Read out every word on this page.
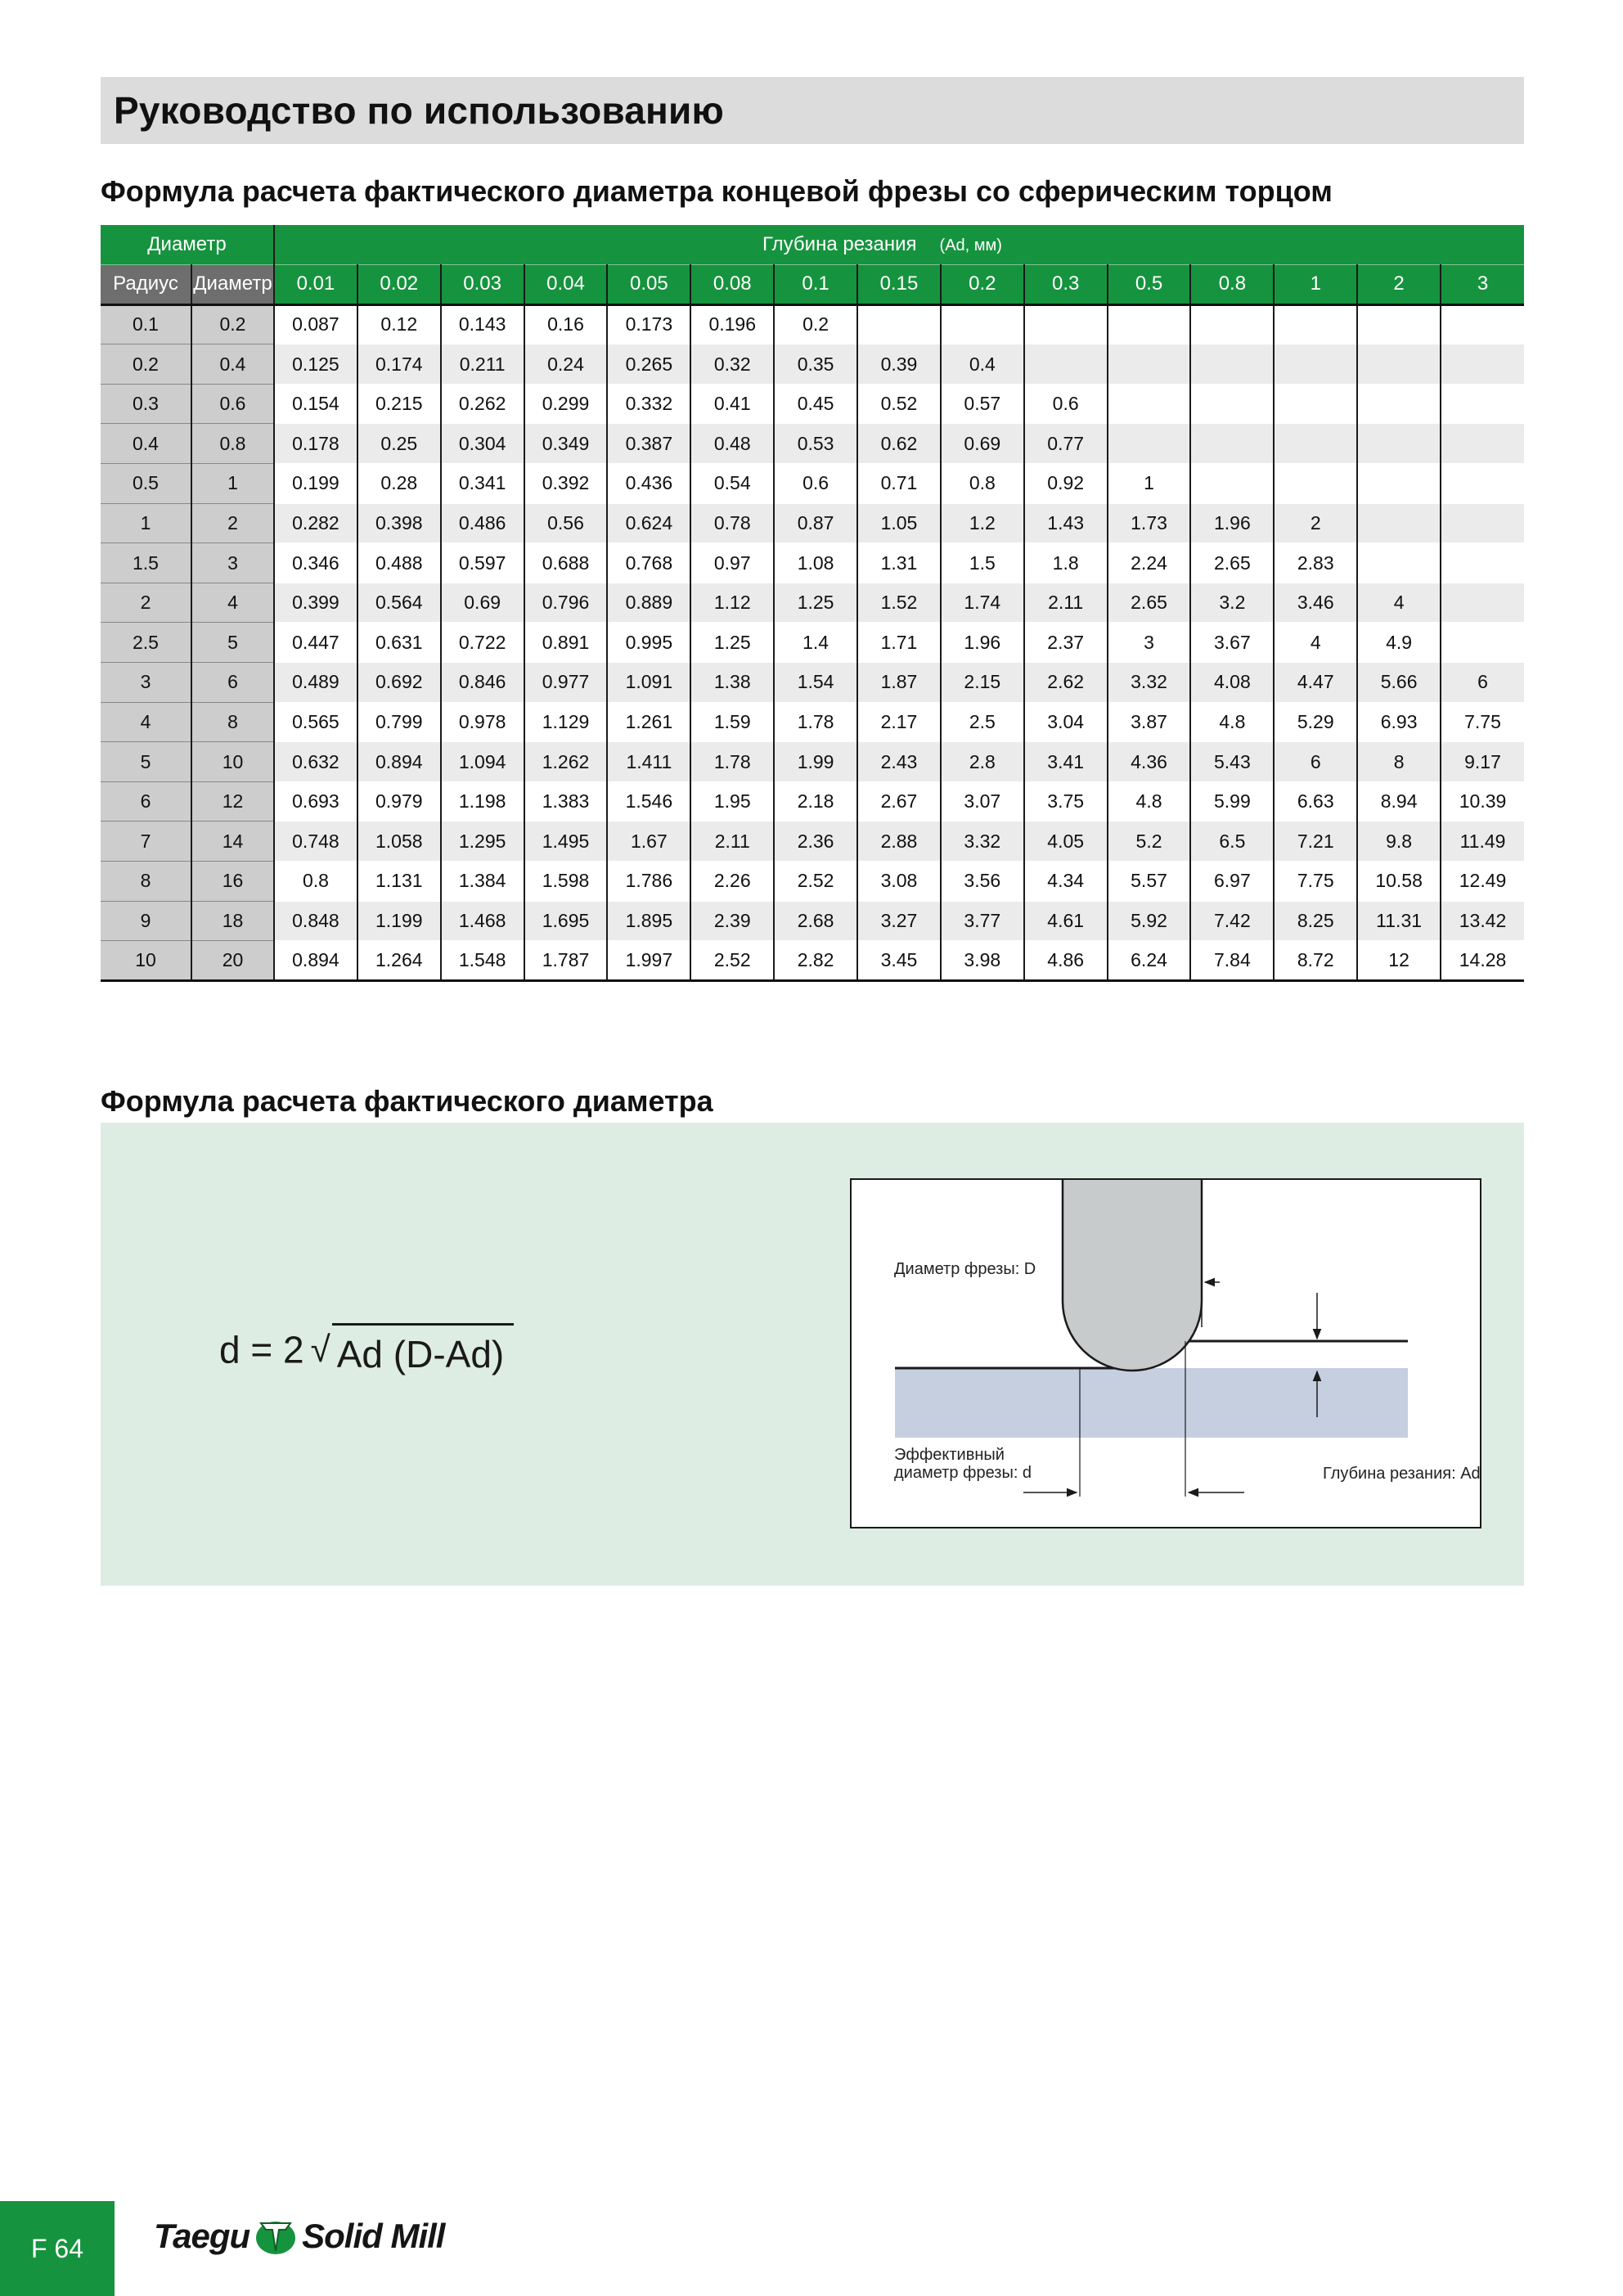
Руководство по использованию
Формула расчета фактического диаметра концевой фрезы со сферическим торцом
Диаметр		Глубина резания (Ad, мм)														
Радиус	Диаметр	0.01	0.02	0.03	0.04	0.05	0.08	0.1	0.15	0.2	0.3	0.5	0.8	1	2	3
0.1	0.2	0.087	0.12	0.143	0.16	0.173	0.196	0.2								
0.2	0.4	0.125	0.174	0.211	0.24	0.265	0.32	0.35	0.39	0.4						
0.3	0.6	0.154	0.215	0.262	0.299	0.332	0.41	0.45	0.52	0.57	0.6					
0.4	0.8	0.178	0.25	0.304	0.349	0.387	0.48	0.53	0.62	0.69	0.77					
0.5	1	0.199	0.28	0.341	0.392	0.436	0.54	0.6	0.71	0.8	0.92	1				
1	2	0.282	0.398	0.486	0.56	0.624	0.78	0.87	1.05	1.2	1.43	1.73	1.96	2		
1.5	3	0.346	0.488	0.597	0.688	0.768	0.97	1.08	1.31	1.5	1.8	2.24	2.65	2.83		
2	4	0.399	0.564	0.69	0.796	0.889	1.12	1.25	1.52	1.74	2.11	2.65	3.2	3.46	4	
2.5	5	0.447	0.631	0.722	0.891	0.995	1.25	1.4	1.71	1.96	2.37	3	3.67	4	4.9	
3	6	0.489	0.692	0.846	0.977	1.091	1.38	1.54	1.87	2.15	2.62	3.32	4.08	4.47	5.66	6
4	8	0.565	0.799	0.978	1.129	1.261	1.59	1.78	2.17	2.5	3.04	3.87	4.8	5.29	6.93	7.75
5	10	0.632	0.894	1.094	1.262	1.411	1.78	1.99	2.43	2.8	3.41	4.36	5.43	6	8	9.17
6	12	0.693	0.979	1.198	1.383	1.546	1.95	2.18	2.67	3.07	3.75	4.8	5.99	6.63	8.94	10.39
7	14	0.748	1.058	1.295	1.495	1.67	2.11	2.36	2.88	3.32	4.05	5.2	6.5	7.21	9.8	11.49
8	16	0.8	1.131	1.384	1.598	1.786	2.26	2.52	3.08	3.56	4.34	5.57	6.97	7.75	10.58	12.49
9	18	0.848	1.199	1.468	1.695	1.895	2.39	2.68	3.27	3.77	4.61	5.92	7.42	8.25	11.31	13.42
10	20	0.894	1.264	1.548	1.787	1.997	2.52	2.82	3.45	3.98	4.86	6.24	7.84	8.72	12	14.28
Формула расчета фактического диаметра
d = 2 √ Ad (D-Ad)
Диаметр фрезы: D
Эффективный
диаметр фрезы: d	Глубина резания: Ad
F 64 Taegu Solid Mill
